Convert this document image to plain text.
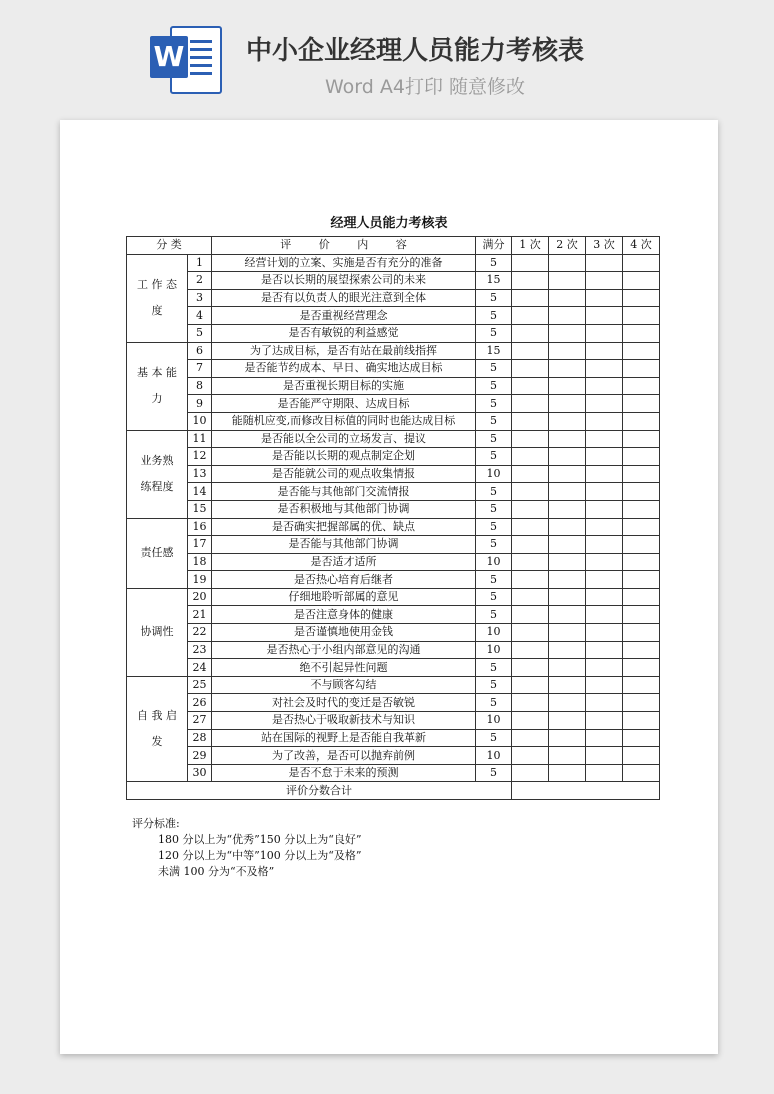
W 中小企业经理人员能力考核表
Word A4打印 随意修改
经理人员能力考核表
分 类		评 价 内 容	满分	1 次	2 次	3 次	4 次
工 作 态 度	1	经营计划的立案、实施是否有充分的准备	5				
	2	是否以长期的展望探索公司的未来	15				
	3	是否有以负责人的眼光注意到全体	5				
	4	是否重视经营理念	5				
	5	是否有敏锐的利益感觉	5				
基 本 能 力	6	为了达成目标，是否有站在最前线指挥	15				
	7	是否能节约成本、早日、确实地达成目标	5				
	8	是否重视长期目标的实施	5				
	9	是否能严守期限、达成目标	5				
	10	能随机应变,而修改目标值的同时也能达成目标	5				
业务熟 练程度	11	是否能以全公司的立场发言、提议	5				
	12	是否能以长期的观点制定企划	5				
	13	是否能就公司的观点收集情报	10				
	14	是否能与其他部门交流情报	5				
	15	是否积极地与其他部门协调	5				
责任感	16	是否确实把握部属的优、缺点	5				
	17	是否能与其他部门协调	5				
	18	是否适才适所	10				
	19	是否热心培育后继者	5				
协调性	20	仔细地聆听部属的意见	5				
	21	是否注意身体的健康	5				
	22	是否谨慎地使用金钱	10				
	23	是否热心于小组内部意见的沟通	10				
	24	绝不引起异性问题	5				
自 我 启 发	25	不与顾客勾结	5				
	26	对社会及时代的变迁是否敏锐	5				
	27	是否热心于吸取新技术与知识	10				
	28	站在国际的视野上是否能自我革新	5				
	29	为了改善，是否可以抛弃前例	10				
	30	是否不怠于未来的预测	5				
评价分数合计							
评分标准:
180 分以上为“优秀”150 分以上为“良好”
120 分以上为“中等”100 分以上为“及格”
未满 100 分为“不及格”
